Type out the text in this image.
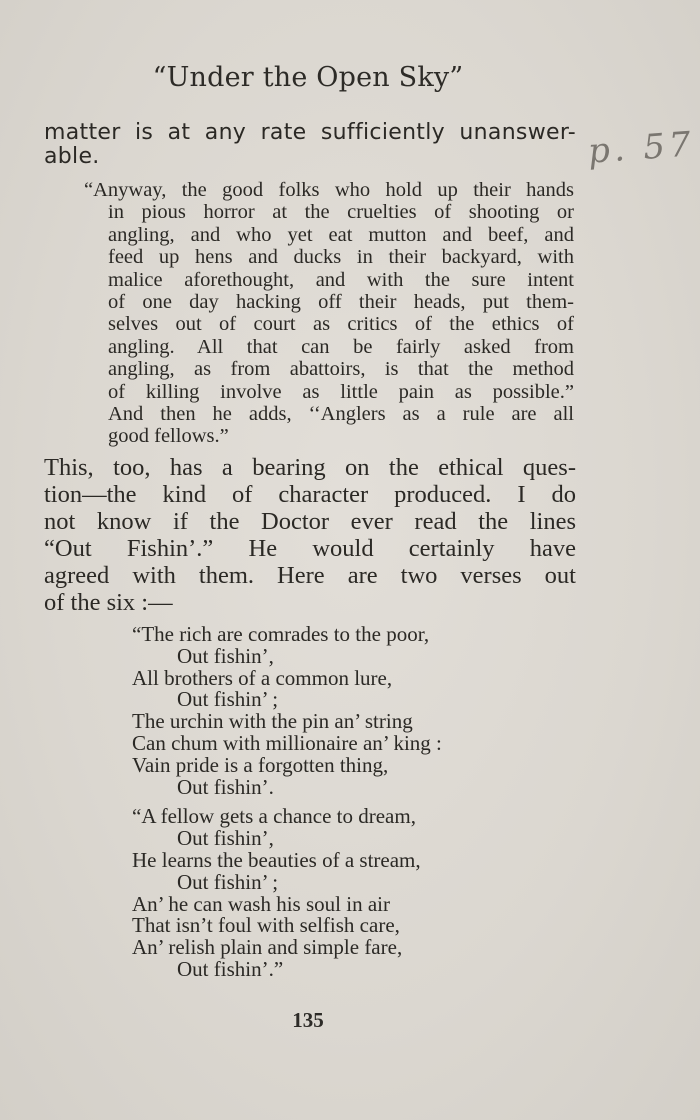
“Under the Open Sky”
p. 57
matter is at any rate sufficiently unanswer-
able.
“Anyway, the good folks who hold up their hands
in pious horror at the cruelties of shooting or
angling, and who yet eat mutton and beef, and
feed up hens and ducks in their backyard, with
malice aforethought, and with the sure intent
of one day hacking off their heads, put them-
selves out of court as critics of the ethics of
angling. All that can be fairly asked from
angling, as from abattoirs, is that the method
of killing involve as little pain as possible.”
And then he adds, ‘‘Anglers as a rule are all
good fellows.”
This, too, has a bearing on the ethical ques-
tion—the kind of character produced. I do
not know if the Doctor ever read the lines
“Out Fishin’.” He would certainly have
agreed with them. Here are two verses out
of the six :—
“The rich are comrades to the poor,
Out fishin’,
All brothers of a common lure,
Out fishin’ ;
The urchin with the pin an’ string
Can chum with millionaire an’ king :
Vain pride is a forgotten thing,
Out fishin’.
“A fellow gets a chance to dream,
Out fishin’,
He learns the beauties of a stream,
Out fishin’ ;
An’ he can wash his soul in air
That isn’t foul with selfish care,
An’ relish plain and simple fare,
Out fishin’.”
135
